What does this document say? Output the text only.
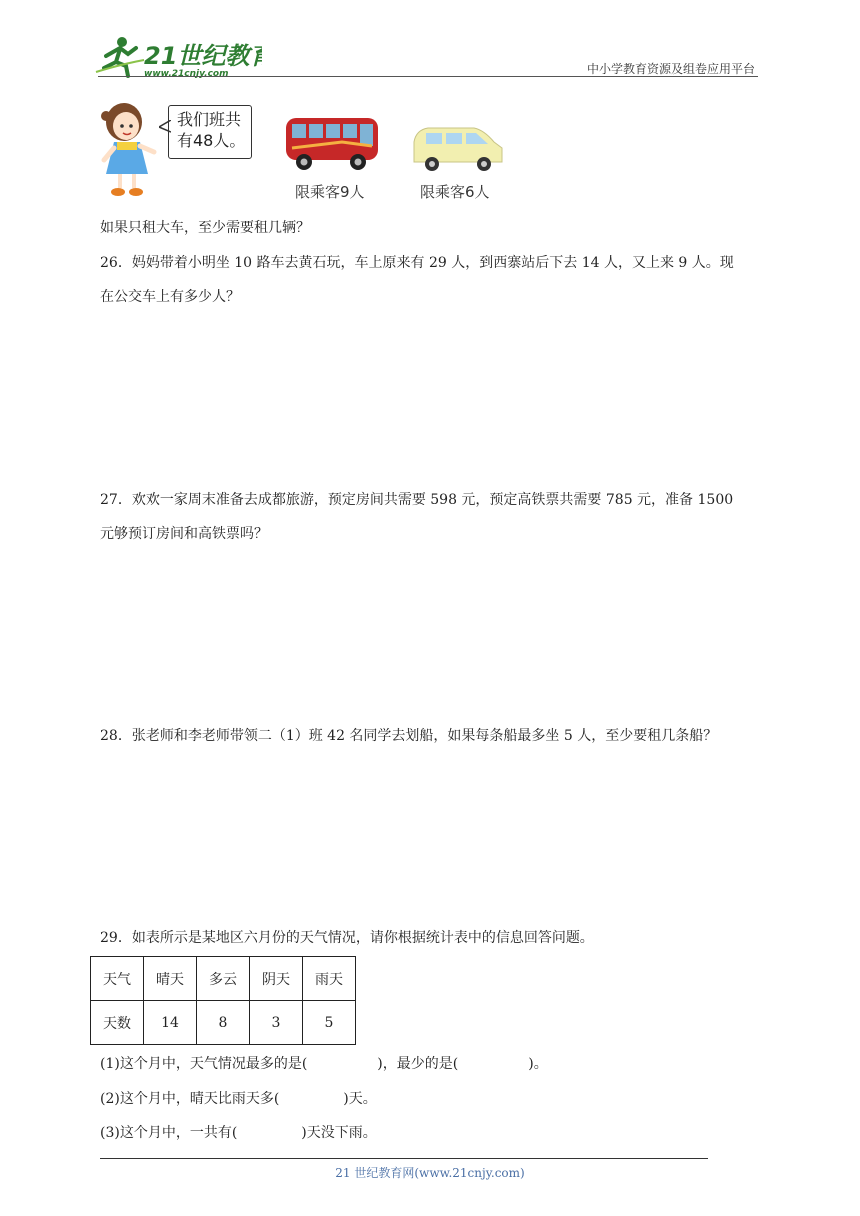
21世纪教育
www.21cnjy.com	中小学教育资源及组卷应用平台
我们班共
有48人。
限乘客9人	限乘客6人
如果只租大车，至少需要租几辆？
26．妈妈带着小明坐 10 路车去黄石玩，车上原来有 29 人，到西寨站后下去 14 人，又上来 9 人。现
在公交车上有多少人？
27．欢欢一家周末准备去成都旅游，预定房间共需要 598 元，预定高铁票共需要 785 元，准备 1500
元够预订房间和高铁票吗？
28．张老师和李老师带领二（1）班 42 名同学去划船，如果每条船最多坐 5 人，至少要租几条船？
29．如表所示是某地区六月份的天气情况，请你根据统计表中的信息回答问题。
天气	晴天	多云	阴天	雨天
天数	14	8	3	5
(1)这个月中，天气情况最多的是(	)，最少的是(	)。
(2)这个月中，晴天比雨天多(	)天。
(3)这个月中，一共有(	)天没下雨。
21 世纪教育网(www.21cnjy.com)
